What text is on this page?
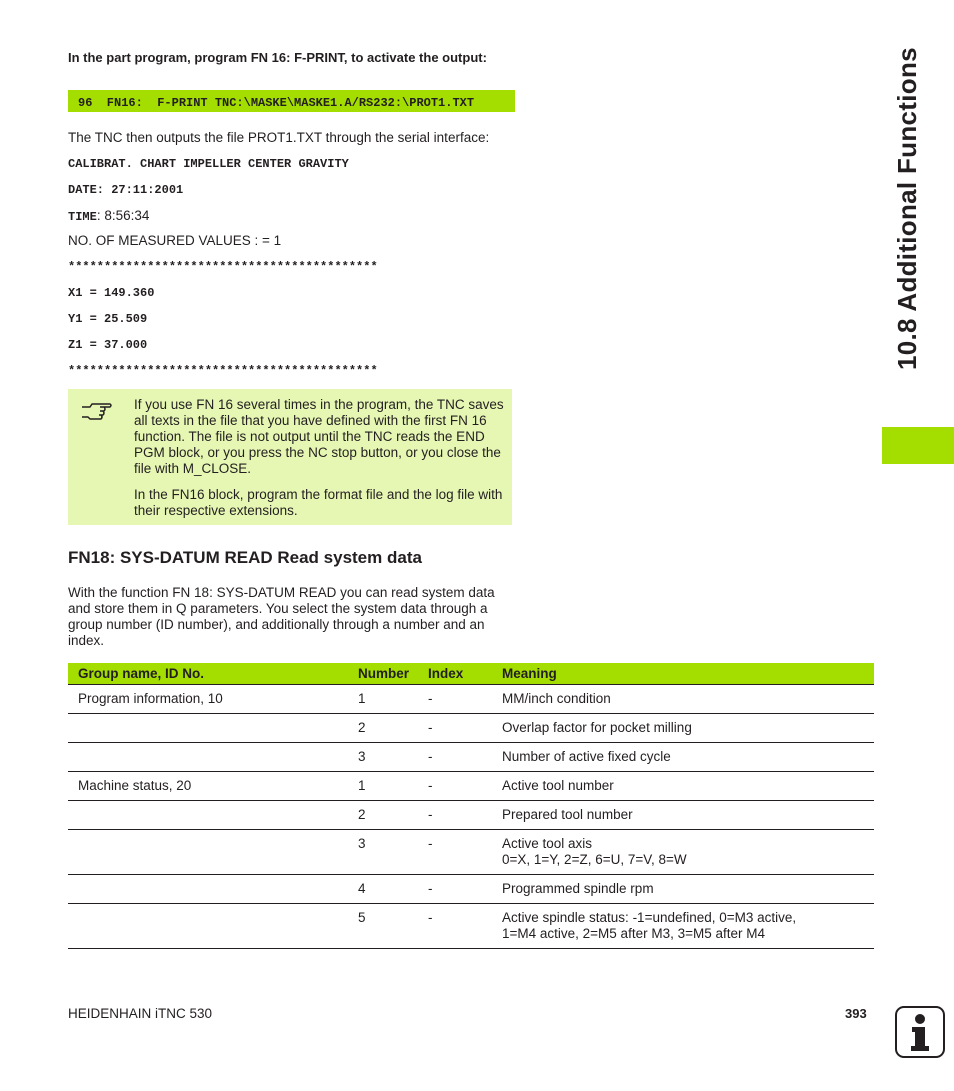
In the part program, program FN 16: F-PRINT, to activate the output:
96  FN16:  F-PRINT TNC:\MASKE\MASKE1.A/RS232:\PROT1.TXT
The TNC then outputs the file PROT1.TXT through the serial interface:
CALIBRAT. CHART IMPELLER CENTER GRAVITY
DATE: 27:11:2001
TIME: 8:56:34
NO. OF MEASURED VALUES : = 1
*******************************************
X1 = 149.360
Y1 = 25.509
Z1 = 37.000
*******************************************

If you use FN 16 several times in the program, the TNC saves all texts in the file that you have defined with the first FN 16 function. The file is not output until the TNC reads the END PGM block, or you press the NC stop button, or you close the file with M_CLOSE.

In the FN16 block, program the format file and the log file with their respective extensions.

FN18: SYS-DATUM READ Read system data
With the function FN 18: SYS-DATUM READ you can read system data and store them in Q parameters. You select the system data through a group number (ID number), and additionally through a number and an index.
Group name, ID No.	Number	Index	Meaning
Program information, 10	1	-	MM/inch condition
	2	-	Overlap factor for pocket milling
	3	-	Number of active fixed cycle
Machine status, 20	1	-	Active tool number
	2	-	Prepared tool number
	3	-	Active tool axis
0=X, 1=Y, 2=Z, 6=U, 7=V, 8=W
	4	-	Programmed spindle rpm
	5	-	Active spindle status: -1=undefined, 0=M3 active,
1=M4 active, 2=M5 after M3, 3=M5 after M4
10.8 Additional Functions
HEIDENHAIN iTNC 530	393
